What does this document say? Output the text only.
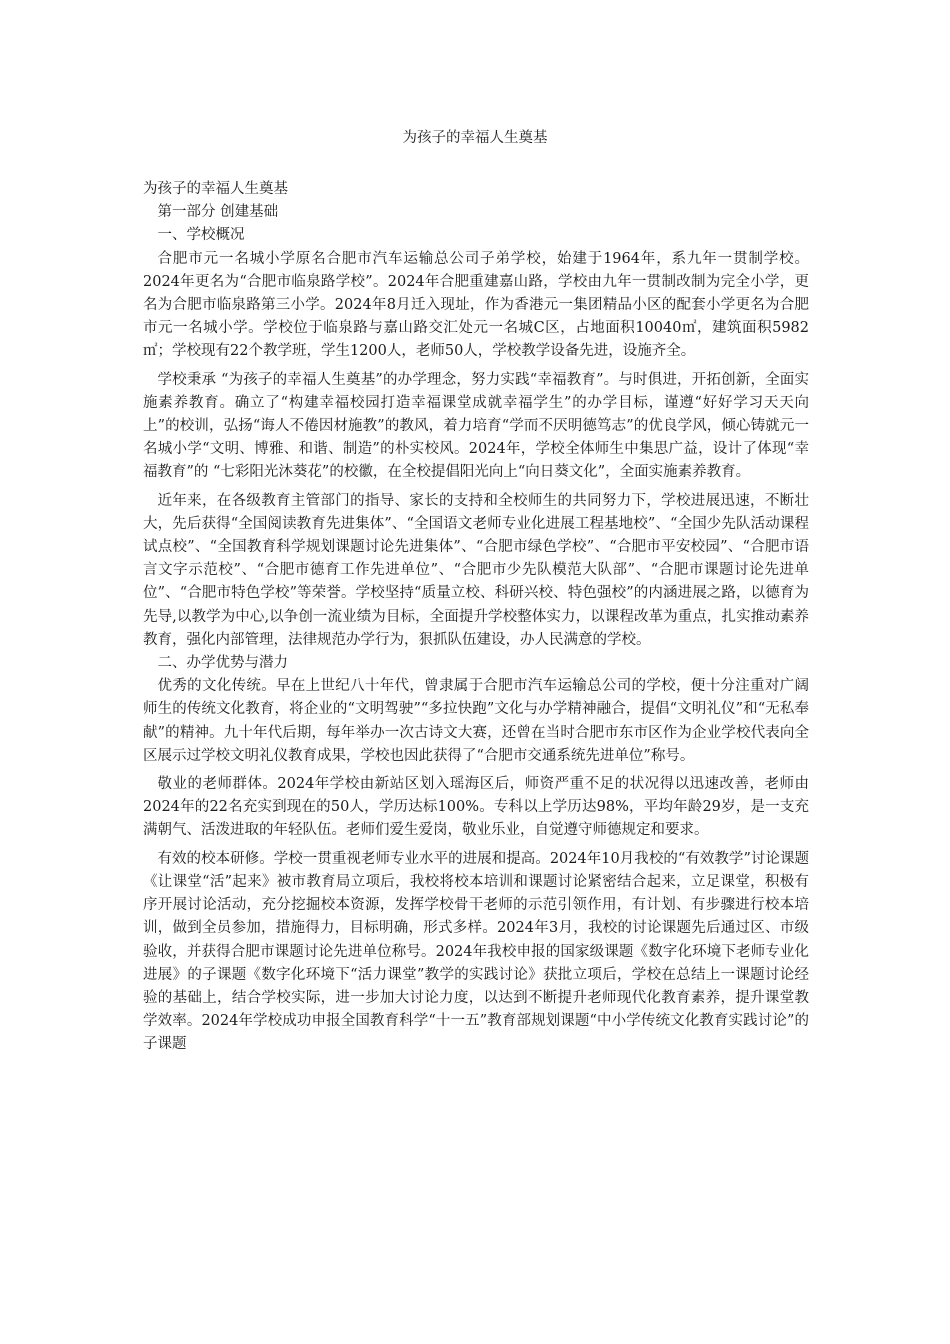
为孩子的幸福人生奠基

为孩子的幸福人生奠基

第一部分 创建基础

一、学校概况

合肥市元一名城小学原名合肥市汽车运输总公司子弟学校，始建于1964年，系九年一贯制学校。2024年更名为“合肥市临泉路学校”。2024年合肥重建嘉山路，学校由九年一贯制改制为完全小学，更名为合肥市临泉路第三小学。2024年8月迁入现址，作为香港元一集团精品小区的配套小学更名为合肥市元一名城小学。学校位于临泉路与嘉山路交汇处元一名城C区，占地面积10040㎡，建筑面积5982㎡；学校现有22个教学班，学生1200人，老师50人，学校教学设备先进，设施齐全。

学校秉承 “为孩子的幸福人生奠基”的办学理念，努力实践“幸福教育”。与时俱进，开拓创新，全面实施素养教育。确立了“构建幸福校园打造幸福课堂成就幸福学生”的办学目标，谨遵“好好学习天天向上”的校训，弘扬“诲人不倦因材施教”的教风，着力培育“学而不厌明德笃志”的优良学风，倾心铸就元一名城小学“文明、博雅、和谐、制造”的朴实校风。2024年，学校全体师生中集思广益，设计了体现“幸福教育”的 “七彩阳光沐葵花”的校徽，在全校提倡阳光向上“向日葵文化”，全面实施素养教育。

近年来，在各级教育主管部门的指导、家长的支持和全校师生的共同努力下，学校进展迅速，不断壮大，先后获得“全国阅读教育先进集体”、“全国语文老师专业化进展工程基地校”、“全国少先队活动课程试点校”、“全国教育科学规划课题讨论先进集体”、“合肥市绿色学校”、“合肥市平安校园”、“合肥市语言文字示范校”、“合肥市德育工作先进单位”、“合肥市少先队模范大队部”、“合肥市课题讨论先进单位”、“合肥市特色学校”等荣誉。学校坚持“质量立校、科研兴校、特色强校”的内涵进展之路，以德育为先导,以教学为中心,以争创一流业绩为目标，全面提升学校整体实力，以课程改革为重点，扎实推动素养教育，强化内部管理，法律规范办学行为，狠抓队伍建设，办人民满意的学校。

二、办学优势与潜力

优秀的文化传统。早在上世纪八十年代，曾隶属于合肥市汽车运输总公司的学校，便十分注重对广阔师生的传统文化教育，将企业的“文明驾驶”“多拉快跑”文化与办学精神融合，提倡“文明礼仪”和“无私奉献”的精神。九十年代后期，每年举办一次古诗文大赛，还曾在当时合肥市东市区作为企业学校代表向全区展示过学校文明礼仪教育成果，学校也因此获得了“合肥市交通系统先进单位”称号。

敬业的老师群体。2024年学校由新站区划入瑶海区后，师资严重不足的状况得以迅速改善，老师由2024年的22名充实到现在的50人，学历达标100%。专科以上学历达98%，平均年龄29岁，是一支充满朝气、活泼进取的年轻队伍。老师们爱生爱岗，敬业乐业，自觉遵守师德规定和要求。

有效的校本研修。学校一贯重视老师专业水平的进展和提高。2024年10月我校的“有效教学”讨论课题《让课堂“活”起来》被市教育局立项后，我校将校本培训和课题讨论紧密结合起来，立足课堂，积极有序开展讨论活动，充分挖掘校本资源，发挥学校骨干老师的示范引领作用，有计划、有步骤进行校本培训，做到全员参加，措施得力，目标明确，形式多样。2024年3月，我校的讨论课题先后通过区、市级验收，并获得合肥市课题讨论先进单位称号。2024年我校申报的国家级课题《数字化环境下老师专业化进展》的子课题《数字化环境下“活力课堂”教学的实践讨论》获批立项后，学校在总结上一课题讨论经验的基础上，结合学校实际，进一步加大讨论力度，以达到不断提升老师现代化教育素养，提升课堂教学效率。2024年学校成功申报全国教育科学“十一五”教育部规划课题“中小学传统文化教育实践讨论”的子课题
